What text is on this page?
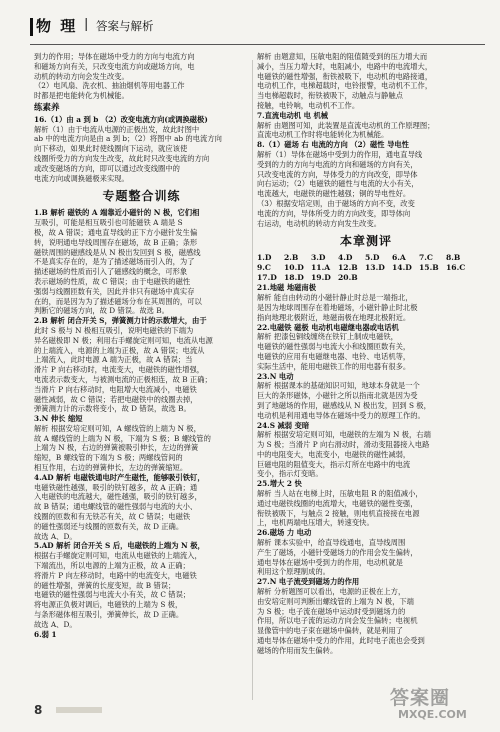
物 理 | 答案与解析
到力的作用；导体在磁场中受力的方向与电流方向
和磁场方向有关，只改变电流方向或磁场方向，电
动机的转动方向会发生改变。
（2）电风扇、洗衣机、抽油烟机等用电器工作
时都是把电能转化为机械能。
练素养
16.（1）由 a 到 b （2）改变电流方向(或调换磁极)
解析（1）由于电流从电源的正极出发，故此时图中
ab 中的电流方向是由 a 到 b；（2）将图中 ab 的电流方向
向下移动，如果此时使线圈向下运动，就应该使
线圈所受力的方向发生改变，故此时只改变电流的方向
或改变磁场的方向，即可以通过改变线圈中的
电流方向或调换磁极来实现。
专题整合训练
1.B 解析 磁铁的 A 端靠近小磁针的 N 极，它们相
互吸引，可能是相互吸引也可能磁铁 A 端是 S
极，故 A 错误；通电直导线的正下方小磁针发生偏
转，说明通电导线周围存在磁场，故 B 正确；条形
磁铁周围的磁感线是从 N 极出发回到 S 极，磁感线
不是真实存在的，是为了描述磁场而引入的，为了
描述磁场的性质而引入了磁感线的概念，可形象
表示磁场的性质，故 C 错误；由于电磁铁的磁性
强弱与线圈匝数有关，因此并非只有磁场中真实存
在的，而是因为为了描述磁场分布在其周围的，可以
判断它的磁场方向，故 D 错误。故选 B。
2.B 解析 闭合开关 S，弹簧测力计的示数增大，由于
此时 S 极与 N 极相互吸引，说明电磁铁的下端为
异名磁极即 N 极；利用右手螺旋定则可知，电流从电源
的上端流入，电源的上端为正极，故 A 错误；电流从
上端流入，此时电源 A 端为正极，故 A 错误；当
滑片 P 向右移动时，电流变大，电磁铁的磁性增强，
电流表示数变大，与被测电流的正极相连，故 B 正确；
当滑片 P 向右移动时，电阻增大电流减小，电磁铁
磁性减弱，故 C 错误；若把电磁铁中的线圈去掉，
弹簧测力计的示数将变小，故 D 错误，故选 B。
3.N 伸长 缩短
解析 根据安培定则可知，A 螺线管的上端为 N 极，
故 A 螺线管的上端为 N 极，下端为 S 极；B 螺线管的
上端为 N 极，右边的弹簧被吸引伸长，左边的弹簧
缩短，B 螺线管的下端为 S 极；两螺线管间的
相互作用，右边的弹簧伸长，左边的弹簧缩短。
4.AD 解析 电磁铁通电时产生磁性，能够吸引铁钉，
电磁铁磁性越强，吸引的铁钉越多，故 A 正确；通
入电磁铁的电流越大，磁性越强，吸引的铁钉越多，
故 B 错误；通电螺线管的磁性强弱与电流的大小、
线圈的匝数和有无铁芯有关，故 C 错误；电磁铁
的磁性强弱还与线圈的匝数有关，故 D 正确。
故选 A、D。
5.AD 解析 闭合开关 S 后，电磁铁的上端为 N 极，
根据右手螺旋定则可知，电流从电磁铁的上端流入，
下端流出，所以电源的上端为正极，故 A 正确；
将滑片 P 向左移动时，电路中的电流变大，电磁铁
的磁性增强，弹簧的长度变短，故 B 错误；
电磁铁的磁性强弱与电流大小有关，故 C 错误；
将电源正负极对调后，电磁铁的上端为 S 极，
与条形磁体相互吸引，弹簧伸长，故 D 正确。
故选 A、D。
6.弱 1
解析 由题意知，压敏电阻的阻值随受到的压力增大而
减小，当压力增大时，电阻减小，电路中的电流增大，
电磁铁的磁性增强，衔铁被吸下，电动机的电路接通，
电动机工作，电梯超载时，电铃报警，电动机不工作，
当电梯超载时，衔铁被吸下，动触点与静触点
接触，电铃响，电动机不工作。
7.直流电动机 电 机械
解析 由题图可知，此装置是直流电动机的工作原理图；
直流电动机工作时将电能转化为机械能。
8.（1）磁场 右 电流的方向 （2）磁性 导电性
解析（1）导体在磁场中受到力的作用，通电直导线
受到的力的方向与电流的方向和磁场的方向有关，
只改变电流的方向，导体受力的方向改变，即导体
向右运动；（2）电磁铁的磁性与电流的大小有关，
电流越大，电磁铁的磁性越强；铜的导电性好。
（3）根据安培定则，由于磁场的方向不变，改变
电流的方向，导体所受力的方向改变，即导体向
右运动，电动机的转动方向发生改变。
本章测评
1.D	2.B	3.D	4.D	5.D	6.A	7.C	8.B
9.C	10.D 11.A	12.B 13.D 14.D 15.B 16.C
17.D 18.D 19.D 20.B
21.地磁 地磁南极
解析 能自由转动的小磁针静止时总是一端指北，
是因为地球周围存在着地磁场，小磁针静止时北极
指向地理北极附近，地磁南极在地理北极附近。
22.电磁铁 磁极 电动机电磁继电器或电话机
解析 把漆包铜线缠绕在铁钉上制成电磁铁，
电磁铁的磁性强弱与电流大小和线圈匝数有关，
电磁铁的应用有电磁继电器、电铃、电话机等，
实际生活中，能用电磁铁工作的用电器有很多。
23.N 电动
解析 根据课本的基础知识可知，地球本身就是一个
巨大的条形磁体，小磁针之所以指南北就是因为受
到了地磁场的作用，磁感线从 N 极出发，回到 S 极，
电动机是利用通电导体在磁场中受力的原理工作的。
24.S 减弱 变暗
解析 根据安培定则可知，电磁铁的左端为 N 极，右端
为 S 极；当滑片 P 向右滑动时，滑动变阻器接入电路
中的电阻变大，电流变小，电磁铁的磁性减弱，
巨磁电阻的阻值变大，指示灯所在电路中的电流
变小，指示灯变暗。
25.增大 2 快
解析 当人站在电梯上时，压敏电阻 R 的阻值减小，
通过电磁铁线圈的电流增大，电磁铁的磁性变强，
衔铁被吸下，与触点 2 接触，则电机直接接在电源
上，电机两端电压增大，转速变快。
26.磁场 力 电动
解析 课本实验中，给直导线通电，直导线周围
产生了磁场，小磁针受磁场力的作用会发生偏转，
通电导体在磁场中受到力的作用，电动机就是
利用这个原理制成的。
27.N 电子流受到磁场力的作用
解析 分析题图可以看出，电源的正极在上方，
由安培定则可判断出螺线管的上端为 N 极，下端
为 S 极；电子流在磁场中运动时受到磁场力的
作用，所以电子流的运动方向会发生偏转；电视机
显像管中的电子束在磁场中偏转，就是利用了
通电导体在磁场中受力的作用，此时电子流也会受到
磁场的作用而发生偏转。
8
答案圈
MXQE.COM
